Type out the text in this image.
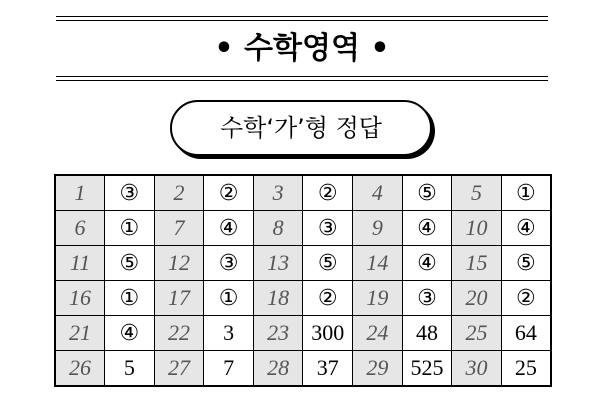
• 수학영역 •
수학‘가’형 정답
1	③	2	②	3	②	4	⑤	5	①
6	①	7	④	8	③	9	④	10	④
11	⑤	12	③	13	⑤	14	④	15	⑤
16	①	17	①	18	②	19	③	20	②
21	④	22	3	23	300	24	48	25	64
26	5	27	7	28	37	29	525	30	25
